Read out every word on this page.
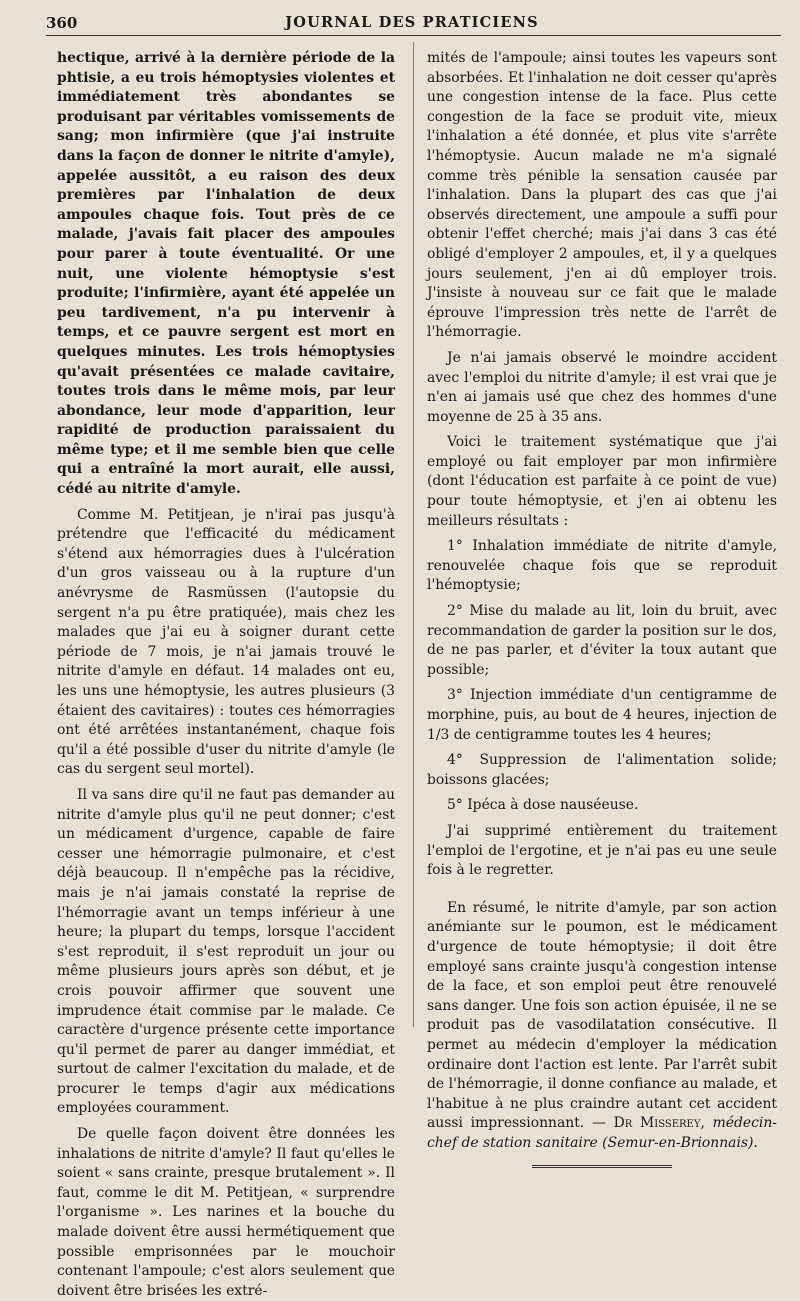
360	JOURNAL DES PRATICIENS

hectique, arrivé à la dernière période de la phtisie, a eu trois hémoptysies violentes et immédiatement très abondantes se produisant par véritables vomissements de sang; mon infirmière (que j'ai instruite dans la façon de donner le nitrite d'amyle), appelée aussitôt, a eu raison des deux premières par l'inhalation de deux ampoules chaque fois. Tout près de ce malade, j'avais fait placer des ampoules pour parer à toute éventualité. Or une nuit, une violente hémoptysie s'est produite; l'infirmière, ayant été appelée un peu tardivement, n'a pu intervenir à temps, et ce pauvre sergent est mort en quelques minutes. Les trois hémoptysies qu'avait présentées ce malade cavitaire, toutes trois dans le même mois, par leur abondance, leur mode d'apparition, leur rapidité de production paraissaient du même type; et il me semble bien que celle qui a entraîné la mort aurait, elle aussi, cédé au nitrite d'amyle.

Comme M. Petitjean, je n'irai pas jusqu'à prétendre que l'efficacité du médicament s'étend aux hémorragies dues à l'ulcération d'un gros vaisseau ou à la rupture d'un anévrysme de Rasmüssen (l'autopsie du sergent n'a pu être pratiquée), mais chez les malades que j'ai eu à soigner durant cette période de 7 mois, je n'ai jamais trouvé le nitrite d'amyle en défaut. 14 malades ont eu, les uns une hémoptysie, les autres plusieurs (3 étaient des cavitaires) : toutes ces hémorragies ont été arrêtées instantanément, chaque fois qu'il a été possible d'user du nitrite d'amyle (le cas du sergent seul mortel).

Il va sans dire qu'il ne faut pas demander au nitrite d'amyle plus qu'il ne peut donner; c'est un médicament d'urgence, capable de faire cesser une hémorragie pulmonaire, et c'est déjà beaucoup. Il n'empêche pas la récidive, mais je n'ai jamais constaté la reprise de l'hémorragie avant un temps inférieur à une heure; la plupart du temps, lorsque l'accident s'est reproduit, il s'est reproduit un jour ou même plusieurs jours après son début, et je crois pouvoir affirmer que souvent une imprudence était commise par le malade. Ce caractère d'urgence présente cette importance qu'il permet de parer au danger immédiat, et surtout de calmer l'excitation du malade, et de procurer le temps d'agir aux médications employées couramment.

De quelle façon doivent être données les inhalations de nitrite d'amyle? Il faut qu'elles le soient « sans crainte, presque brutalement ». Il faut, comme le dit M. Petitjean, « surprendre l'organisme ». Les narines et la bouche du malade doivent être aussi hermétiquement que possible emprisonnées par le mouchoir contenant l'ampoule; c'est alors seulement que doivent être brisées les extré-

mités de l'ampoule; ainsi toutes les vapeurs sont absorbées. Et l'inhalation ne doit cesser qu'après une congestion intense de la face. Plus cette congestion de la face se produit vite, mieux l'inhalation a été donnée, et plus vite s'arrête l'hémoptysie. Aucun malade ne m'a signalé comme très pénible la sensation causée par l'inhalation. Dans la plupart des cas que j'ai observés directement, une ampoule a suffi pour obtenir l'effet cherché; mais j'ai dans 3 cas été obligé d'employer 2 ampoules, et, il y a quelques jours seulement, j'en ai dû employer trois. J'insiste à nouveau sur ce fait que le malade éprouve l'impression très nette de l'arrêt de l'hémorragie.

Je n'ai jamais observé le moindre accident avec l'emploi du nitrite d'amyle; il est vrai que je n'en ai jamais usé que chez des hommes d'une moyenne de 25 à 35 ans.

Voici le traitement systématique que j'ai employé ou fait employer par mon infirmière (dont l'éducation est parfaite à ce point de vue) pour toute hémoptysie, et j'en ai obtenu les meilleurs résultats :

1° Inhalation immédiate de nitrite d'amyle, renouvelée chaque fois que se reproduit l'hémoptysie;

2° Mise du malade au lit, loin du bruit, avec recommandation de garder la position sur le dos, de ne pas parler, et d'éviter la toux autant que possible;

3° Injection immédiate d'un centigramme de morphine, puis, au bout de 4 heures, injection de 1/3 de centigramme toutes les 4 heures;

4° Suppression de l'alimentation solide; boissons glacées;

5° Ipéca à dose nauséeuse.

J'ai supprimé entièrement du traitement l'emploi de l'ergotine, et je n'ai pas eu une seule fois à le regretter.

En résumé, le nitrite d'amyle, par son action anémiante sur le poumon, est le médicament d'urgence de toute hémoptysie; il doit être employé sans crainte jusqu'à congestion intense de la face, et son emploi peut être renouvelé sans danger. Une fois son action épuisée, il ne se produit pas de vasodilatation consécutive. Il permet au médecin d'employer la médication ordinaire dont l'action est lente. Par l'arrêt subit de l'hémorragie, il donne confiance au malade, et l'habitue à ne plus craindre autant cet accident aussi impressionnant. — Dr Misserey, médecin-chef de station sanitaire (Semur-en-Brionnais).
